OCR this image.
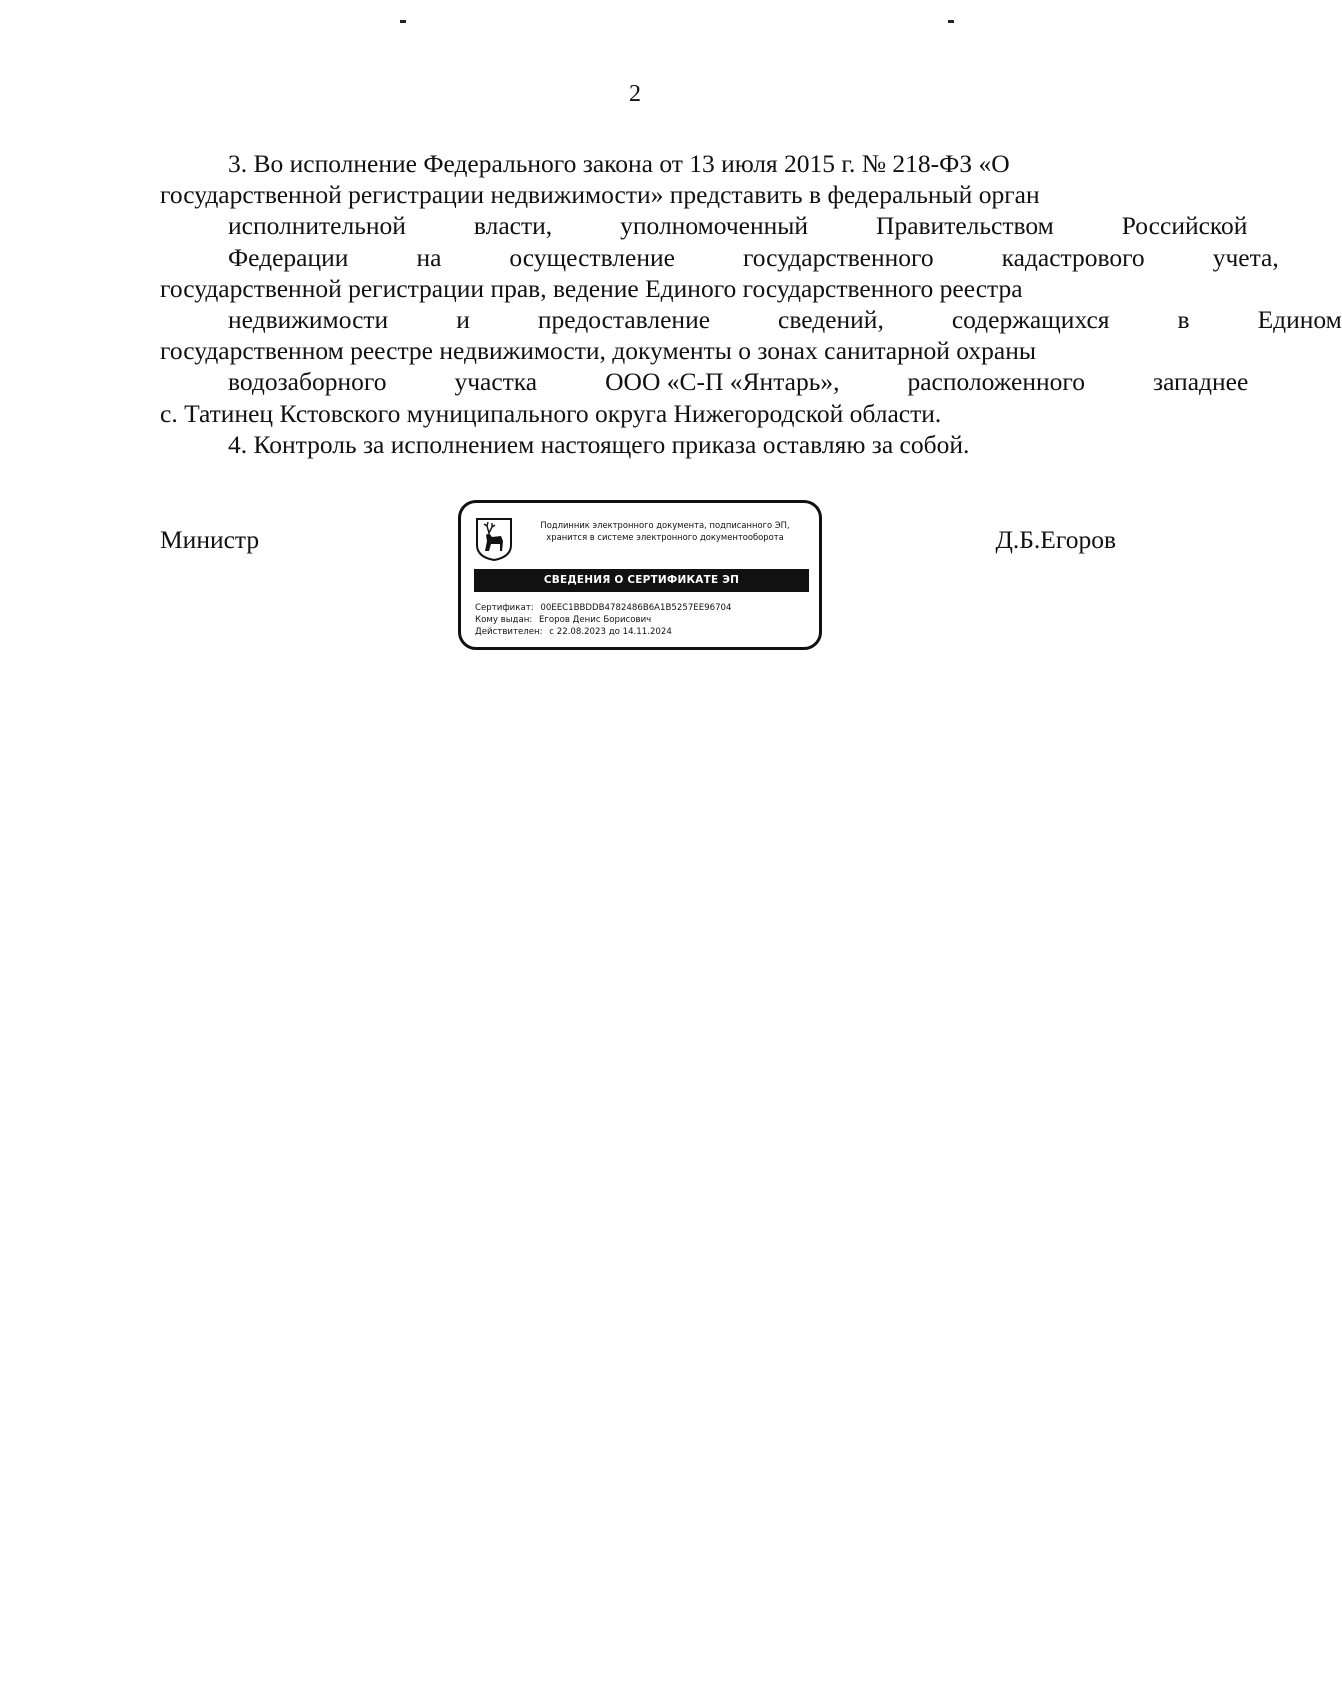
2

3. Во исполнение Федерального закона от 13 июля 2015 г. № 218-ФЗ «О
государственной регистрации недвижимости» представить в федеральный орган
исполнительной	власти,	уполномоченный	Правительством	Российской
Федерации	на	осуществление	государственного	кадастрового	учета,
государственной регистрации прав, ведение Единого государственного реестра
недвижимости	и	предоставление	сведений,	содержащихся	в	Едином
государственном реестре недвижимости, документы о зонах санитарной охраны
водозаборного	участка	ООО «С-П «Янтарь»,	расположенного	западнее
с. Татинец Кстовского муниципального округа Нижегородской области.

4. Контроль за исполнением настоящего приказа оставляю за собой.

Министр	Подлинник электронного документа, подписанного ЭП,
хранится в системе электронного документооборота
СВЕДЕНИЯ О СЕРТИФИКАТЕ ЭП
Сертификат: 00EEC1BBDDB4782486B6A1B5257EE96704
Кому выдан: Егоров Денис Борисович
Действителен: с 22.08.2023 до 14.11.2024
Д.Б.Егоров
